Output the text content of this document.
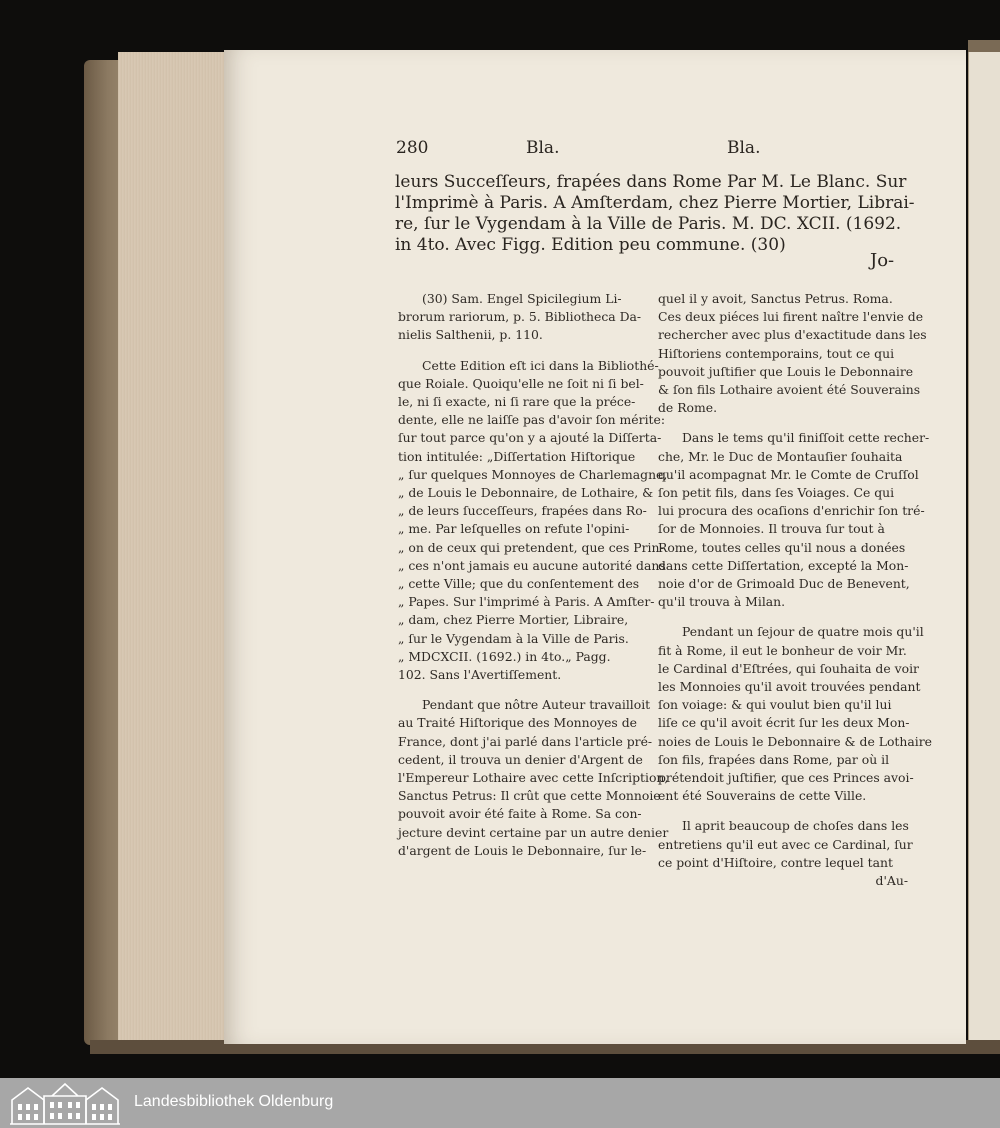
280	Bla.	Bla.
leurs Succeſſeurs, frapées dans Rome Par M. Le Blanc. Sur
l'Imprimè à Paris. A Amſterdam, chez Pierre Mortier, Librai-
re, ſur le Vygendam à la Ville de Paris. M. DC. XCII. (1692.
in 4to. Avec Figg. Edition peu commune. (30)
Jo-

(30) Sam. Engel Spicilegium Li-
brorum rariorum, p. 5. Bibliotheca Da-
nielis Salthenii, p. 110.

Cette Edition eſt ici dans la Bibliothé-
que Roiale. Quoiqu'elle ne ſoit ni ſi bel-
le, ni ſi exacte, ni ſi rare que la préce-
dente, elle ne laiſſe pas d'avoir ſon mérite:
ſur tout parce qu'on y a ajouté la Diſſerta-
tion intitulée: „Diſſertation Hiſtorique
„ ſur quelques Monnoyes de Charlemagne,
„ de Louis le Debonnaire, de Lothaire, &
„ de leurs ſucceſſeurs, frapées dans Ro-
„ me. Par leſquelles on refute l'opini-
„ on de ceux qui pretendent, que ces Prin-
„ ces n'ont jamais eu aucune autorité dans
„ cette Ville; que du conſentement des
„ Papes. Sur l'imprimé à Paris. A Amſter-
„ dam, chez Pierre Mortier, Libraire,
„ ſur le Vygendam à la Ville de Paris.
„ MDCXCII. (1692.) in 4to.„ Pagg.
102. Sans l'Avertiſſement.

Pendant que nôtre Auteur travailloit
au Traité Hiſtorique des Monnoyes de
France, dont j'ai parlé dans l'article pré-
cedent, il trouva un denier d'Argent de
l'Empereur Lothaire avec cette Inſcription,
Sanctus Petrus: Il crût que cette Monnoie
pouvoit avoir été faite à Rome. Sa con-
jecture devint certaine par un autre denier
d'argent de Louis le Debonnaire, ſur le-

quel il y avoit, Sanctus Petrus. Roma.
Ces deux piéces lui firent naître l'envie de
rechercher avec plus d'exactitude dans les
Hiſtoriens contemporains, tout ce qui
pouvoit juſtifier que Louis le Debonnaire
& ſon fils Lothaire avoient été Souverains
de Rome.

Dans le tems qu'il finiſſoit cette recher-
che, Mr. le Duc de Montauſier ſouhaita
qu'il acompagnat Mr. le Comte de Cruſſol
ſon petit fils, dans ſes Voiages. Ce qui
lui procura des ocaſions d'enrichir ſon tré-
ſor de Monnoies. Il trouva ſur tout à
Rome, toutes celles qu'il nous a donées
dans cette Diſſertation, excepté la Mon-
noie d'or de Grimoald Duc de Benevent,
qu'il trouva à Milan.

Pendant un ſejour de quatre mois qu'il
fit à Rome, il eut le bonheur de voir Mr.
le Cardinal d'Eſtrées, qui ſouhaita de voir
les Monnoies qu'il avoit trouvées pendant
ſon voiage: & qui voulut bien qu'il lui
liſe ce qu'il avoit écrit ſur les deux Mon-
noies de Louis le Debonnaire & de Lothaire
ſon fils, frapées dans Rome, par où il
prétendoit juſtifier, que ces Princes avoi-
ent été Souverains de cette Ville.

Il aprit beaucoup de choſes dans les
entretiens qu'il eut avec ce Cardinal, ſur
ce point d'Hiſtoire, contre lequel tant
d'Au-

Landesbibliothek Oldenburg
